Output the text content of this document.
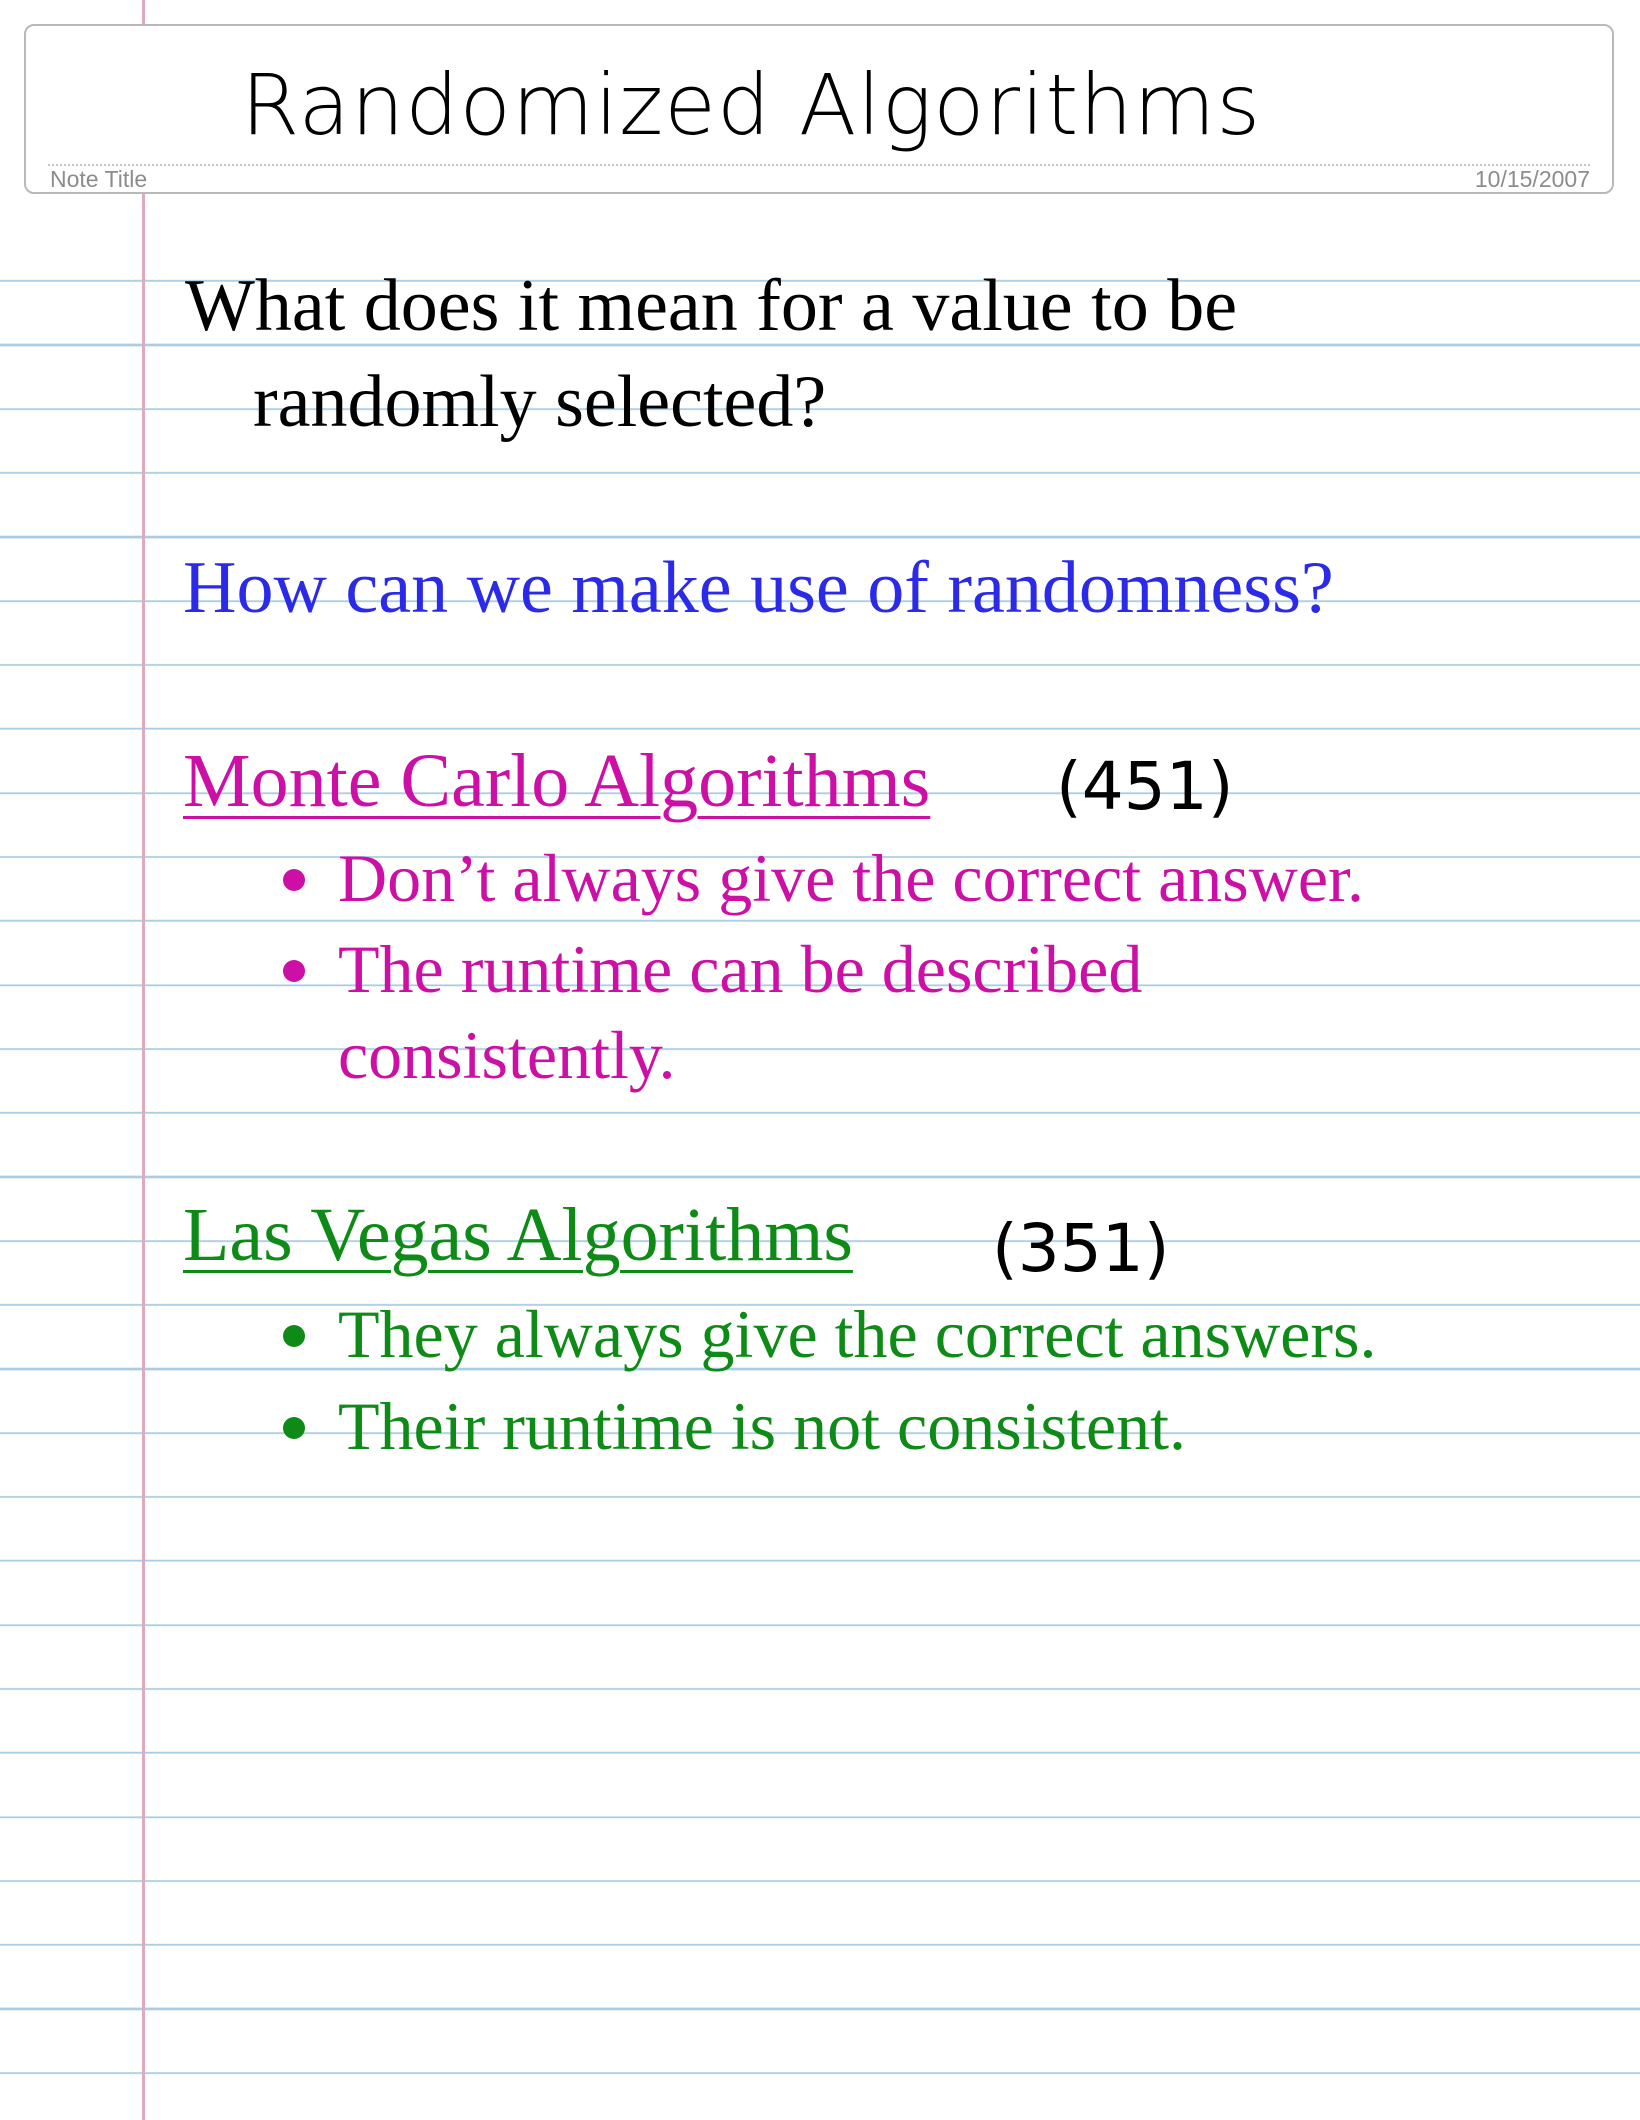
Randomized Algorithms
Note Title	10/15/2007
What does it mean for a value to be
randomly selected?
How can we make use of randomness?
Monte Carlo Algorithms (451)
Don’t always give the correct answer.
The runtime can be described
consistently.
Las Vegas Algorithms (351)
They always give the correct answers.
Their runtime is not consistent.
